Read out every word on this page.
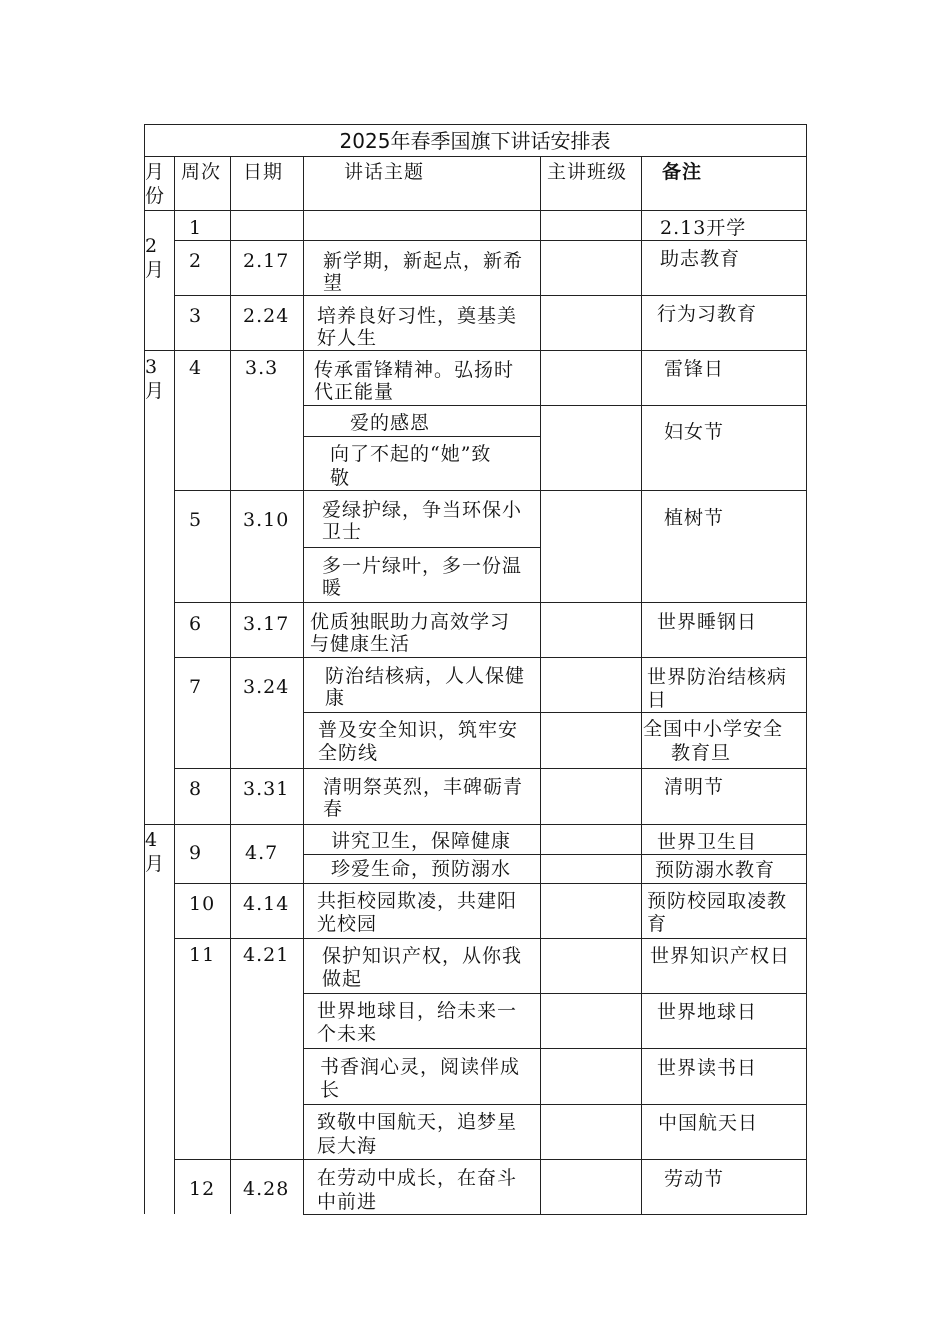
2025年春季国旗下讲话安排表
月份
周次 日期	讲话主题	主讲班级 备注
2月
3月
4月
1
2 2.17
3 2.24
4 3.3
5 3.10
6 3.17
7 3.24
8 3.31
9 4.7
10 4.14
11 4.21
12 4.28
新学期，新起点，新希
望
培养良好习性，奠基美
好人生
传承雷锋精神。弘扬时
代正能量
爱的感恩
向了不起的“她”致
敬
爱绿护绿，争当环保小
卫士
多一片绿叶，多一份温
暖
优质独眠助力高效学习
与健康生活
防治结核病，人人保健
康
普及安全知识，筑牢安
全防线
清明祭英烈，丰碑砺青
春
讲究卫生，保障健康
珍爱生命，预防溺水
共拒校园欺凌，共建阳
光校园
保护知识产权，从你我
做起
世界地球目，给未来一
个未来
书香润心灵，阅读伴成
长
致敬中国航天，追梦星
辰大海
在劳动中成长，在奋斗
中前进
2.13开学
助志教育
行为习教育
雷锋日
妇女节
植树节
世界睡钢日
世界防治结核病
日
全国中小学安全
教育旦
清明节
世界卫生目
预防溺水教育
预防校园取凌教
育
世界知识产权日
世界地球日
世界读书日
中国航天日
劳动节
